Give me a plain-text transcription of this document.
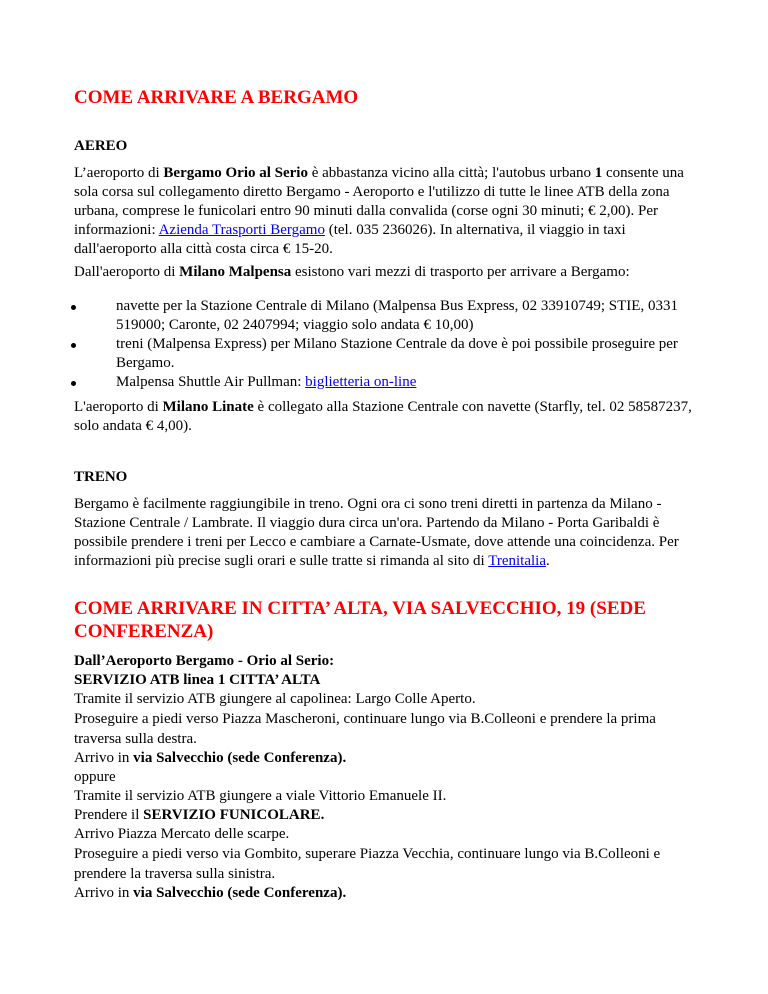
COME ARRIVARE A BERGAMO
AEREO

L’aeroporto di Bergamo Orio al Serio è abbastanza vicino alla città; l'autobus urbano 1 consente una sola corsa sul collegamento diretto Bergamo - Aeroporto e l'utilizzo di tutte le linee ATB della zona urbana, comprese le funicolari entro 90 minuti dalla convalida (corse ogni 30 minuti; € 2,00). Per informazioni: Azienda Trasporti Bergamo (tel. 035 236026). In alternativa, il viaggio in taxi dall'aeroporto alla città costa circa € 15-20.

Dall'aeroporto di Milano Malpensa esistono vari mezzi di trasporto per arrivare a Bergamo:

navette per la Stazione Centrale di Milano (Malpensa Bus Express, 02 33910749; STIE, 0331 519000; Caronte, 02 2407994; viaggio solo andata € 10,00)
treni (Malpensa Express) per Milano Stazione Centrale da dove è poi possibile proseguire per Bergamo.
Malpensa Shuttle Air Pullman: biglietteria on-line

L'aeroporto di Milano Linate è collegato alla Stazione Centrale con navette (Starfly, tel. 02 58587237, solo andata € 4,00).

TRENO

Bergamo è facilmente raggiungibile in treno. Ogni ora ci sono treni diretti in partenza da Milano - Stazione Centrale / Lambrate. Il viaggio dura circa un'ora. Partendo da Milano - Porta Garibaldi è possibile prendere i treni per Lecco e cambiare a Carnate-Usmate, dove attende una coincidenza. Per informazioni più precise sugli orari e sulle tratte si rimanda al sito di Trenitalia.

COME ARRIVARE IN CITTA’ ALTA, VIA SALVECCHIO, 19 (SEDE CONFERENZA)

Dall’Aeroporto Bergamo - Orio al Serio:

SERVIZIO ATB linea 1 CITTA’ ALTA

Tramite il servizio ATB giungere al capolinea: Largo Colle Aperto.

Proseguire a piedi verso Piazza Mascheroni, continuare lungo via B.Colleoni e prendere la prima traversa sulla destra.

Arrivo in via Salvecchio (sede Conferenza).

oppure

Tramite il servizio ATB giungere a viale Vittorio Emanuele II.

Prendere il SERVIZIO FUNICOLARE.

Arrivo Piazza Mercato delle scarpe.

Proseguire a piedi verso via Gombito, superare Piazza Vecchia, continuare lungo via B.Colleoni e prendere la traversa sulla sinistra.

Arrivo in via Salvecchio (sede Conferenza).
